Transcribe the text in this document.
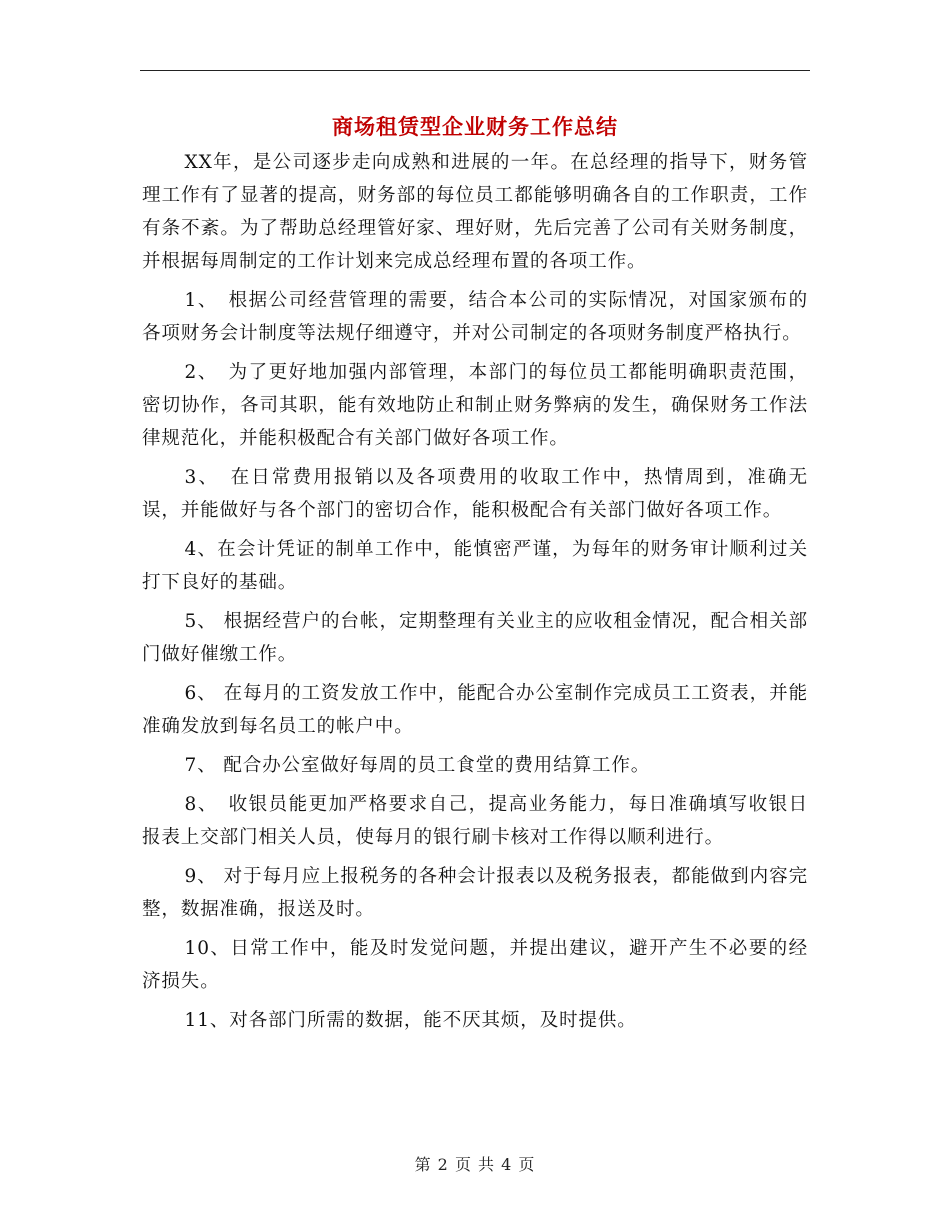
商场租赁型企业财务工作总结

XX年，是公司逐步走向成熟和进展的一年。在总经理的指导下，财务管理工作有了显著的提高，财务部的每位员工都能够明确各自的工作职责，工作有条不紊。为了帮助总经理管好家、理好财，先后完善了公司有关财务制度，并根据每周制定的工作计划来完成总经理布置的各项工作。

1、　根据公司经营管理的需要，结合本公司的实际情况，对国家颁布的各项财务会计制度等法规仔细遵守，并对公司制定的各项财务制度严格执行。

2、　为了更好地加强内部管理，本部门的每位员工都能明确职责范围，密切协作，各司其职，能有效地防止和制止财务弊病的发生，确保财务工作法律规范化，并能积极配合有关部门做好各项工作。

3、　在日常费用报销以及各项费用的收取工作中，热情周到，准确无误，并能做好与各个部门的密切合作，能积极配合有关部门做好各项工作。

4、在会计凭证的制单工作中，能慎密严谨，为每年的财务审计顺利过关打下良好的基础。

5、 根据经营户的台帐，定期整理有关业主的应收租金情况，配合相关部门做好催缴工作。

6、 在每月的工资发放工作中，能配合办公室制作完成员工工资表，并能准确发放到每名员工的帐户中。

7、 配合办公室做好每周的员工食堂的费用结算工作。

8、　收银员能更加严格要求自己，提高业务能力，每日准确填写收银日报表上交部门相关人员，使每月的银行刷卡核对工作得以顺利进行。

9、 对于每月应上报税务的各种会计报表以及税务报表，都能做到内容完整，数据准确，报送及时。

10、日常工作中，能及时发觉问题，并提出建议，避开产生不必要的经济损失。

11、对各部门所需的数据，能不厌其烦，及时提供。

第 2 页 共 4 页
